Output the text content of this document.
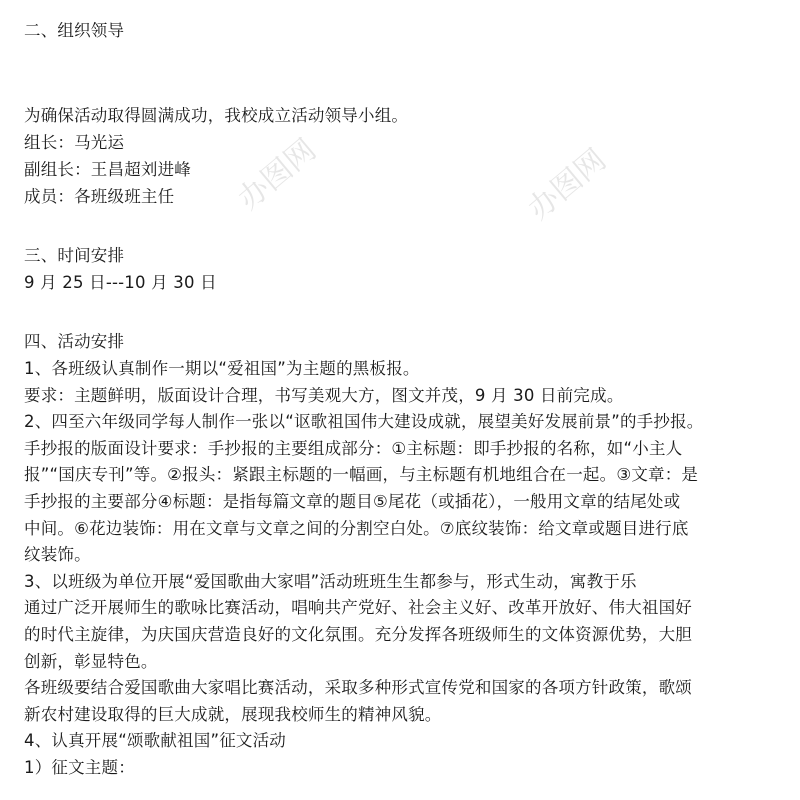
办图网
办图网
二、组织领导
为确保活动取得圆满成功，我校成立活动领导小组。
组长：马光运
副组长：王昌超刘进峰
成员：各班级班主任
三、时间安排
9 月 25 日---10 月 30 日
四、活动安排
1、各班级认真制作一期以“爱祖国”为主题的黑板报。
要求：主题鲜明，版面设计合理，书写美观大方，图文并茂，9 月 30 日前完成。
2、四至六年级同学每人制作一张以“讴歌祖国伟大建设成就，展望美好发展前景”的手抄报。
手抄报的版面设计要求：手抄报的主要组成部分：①主标题：即手抄报的名称，如“小主人
报”“国庆专刊”等。②报头：紧跟主标题的一幅画，与主标题有机地组合在一起。③文章：是
手抄报的主要部分④标题：是指每篇文章的题目⑤尾花（或插花），一般用文章的结尾处或
中间。⑥花边装饰：用在文章与文章之间的分割空白处。⑦底纹装饰：给文章或题目进行底
纹装饰。
3、以班级为单位开展“爱国歌曲大家唱”活动班班生生都参与，形式生动，寓教于乐
通过广泛开展师生的歌咏比赛活动，唱响共产党好、社会主义好、改革开放好、伟大祖国好
的时代主旋律，为庆国庆营造良好的文化氛围。充分发挥各班级师生的文体资源优势，大胆
创新，彰显特色。
各班级要结合爱国歌曲大家唱比赛活动，采取多种形式宣传党和国家的各项方针政策，歌颂
新农村建设取得的巨大成就，展现我校师生的精神风貌。
4、认真开展“颂歌献祖国”征文活动
1）征文主题：
